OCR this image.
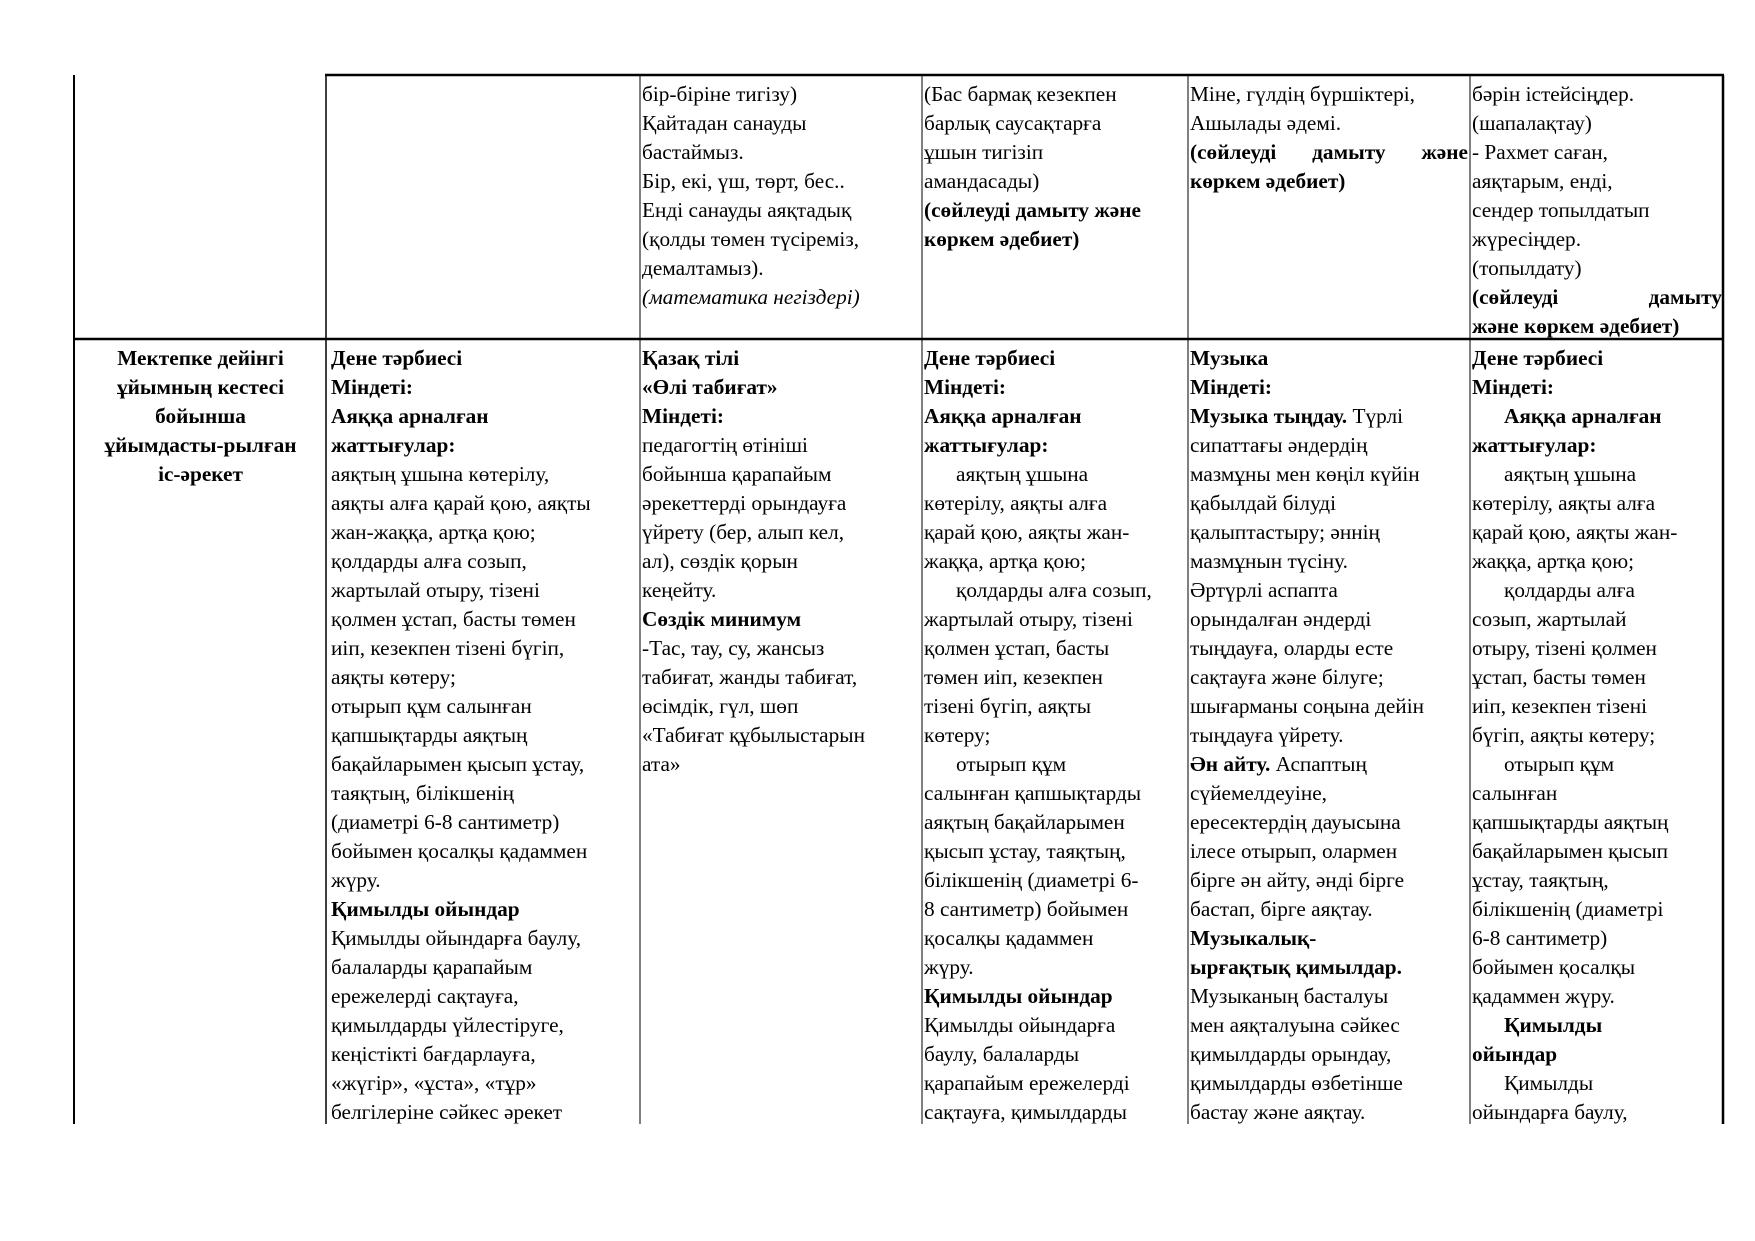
бір-біріне тигізу)
Қайтадан санауды
бастаймыз.
Бір, екі, үш, төрт, бес..
Енді санауды аяқтадық
(қолды төмен түсіреміз,
демалтамыз).
(математика негіздері)
(Бас бармақ кезекпен
барлық саусақтарға
ұшын тигізіп
амандасады)
(сөйлеуді дамыту және
көркем әдебиет)
Міне, гүлдің бүршіктері,
Ашылады әдемі.
(сөйлеуді дамыту және
көркем әдебиет)
бәрін істейсіңдер.
(шапалақтау)
- Рахмет саған,
аяқтарым, енді,
сендер топылдатып
жүресіңдер.
(топылдату)
(сөйлеуді	дамыту
және көркем әдебиет)
Мектепке дейінгі
ұйымның кестесі
бойынша
ұйымдасты-рылған
іс-әрекет
Дене тәрбиесі
Міндеті:
Аяққа арналған
жаттығулар:
аяқтың ұшына көтерілу,
аяқты алға қарай қою, аяқты
жан-жаққа, артқа қою;
қолдарды алға созып,
жартылай отыру, тізені
қолмен ұстап, басты төмен
иіп, кезекпен тізені бүгіп,
аяқты көтеру;
отырып құм салынған
қапшықтарды аяқтың
бақайларымен қысып ұстау,
таяқтың, білікшенің
(диаметрі 6-8 сантиметр)
бойымен қосалқы қадаммен
жүру.
Қимылды ойындар
Қимылды ойындарға баулу,
балаларды қарапайым
ережелерді сақтауға,
қимылдарды үйлестіруге,
кеңістікті бағдарлауға,
«жүгір», «ұста», «тұр»
белгілеріне сәйкес әрекет
Қазақ тілі
«Өлі табиғат»
Міндеті:
педагогтің өтініші
бойынша қарапайым
әрекеттерді орындауға
үйрету (бер, алып кел,
ал), сөздік қорын
кеңейту.
Сөздік минимум
-Тас, тау, су, жансыз
табиғат, жанды табиғат,
өсімдік, гүл, шөп
«Табиғат құбылыстарын
ата»
Дене тәрбиесі
Міндеті:
Аяққа арналған
жаттығулар:
аяқтың ұшына
көтерілу, аяқты алға
қарай қою, аяқты жан-
жаққа, артқа қою;
қолдарды алға созып,
жартылай отыру, тізені
қолмен ұстап, басты
төмен иіп, кезекпен
тізені бүгіп, аяқты
көтеру;
отырып құм
салынған қапшықтарды
аяқтың бақайларымен
қысып ұстау, таяқтың,
білікшенің (диаметрі 6-
8 сантиметр) бойымен
қосалқы қадаммен
жүру.
Қимылды ойындар
Қимылды ойындарға
баулу, балаларды
қарапайым ережелерді
сақтауға, қимылдарды
Музыка
Міндеті:
Музыка тыңдау. Түрлі
сипаттағы әндердің
мазмұны мен көңіл күйін
қабылдай білуді
қалыптастыру; әннің
мазмұнын түсіну.
Әртүрлі аспапта
орындалған әндерді
тыңдауға, оларды есте
сақтауға және білуге;
шығарманы соңына дейін
тыңдауға үйрету.
Ән айту. Аспаптың
сүйемелдеуіне,
ересектердің дауысына
ілесе отырып, олармен
бірге ән айту, әнді бірге
бастап, бірге аяқтау.
Музыкалық-
ырғақтық қимылдар.
Музыканың басталуы
мен аяқталуына сәйкес
қимылдарды орындау,
қимылдарды өзбетінше
бастау және аяқтау.
Дене тәрбиесі
Міндеті:
Аяққа арналған
жаттығулар:
аяқтың ұшына
көтерілу, аяқты алға
қарай қою, аяқты жан-
жаққа, артқа қою;
қолдарды алға
созып, жартылай
отыру, тізені қолмен
ұстап, басты төмен
иіп, кезекпен тізені
бүгіп, аяқты көтеру;
отырып құм
салынған
қапшықтарды аяқтың
бақайларымен қысып
ұстау, таяқтың,
білікшенің (диаметрі
6-8 сантиметр)
бойымен қосалқы
қадаммен жүру.
Қимылды
ойындар
Қимылды
ойындарға баулу,
